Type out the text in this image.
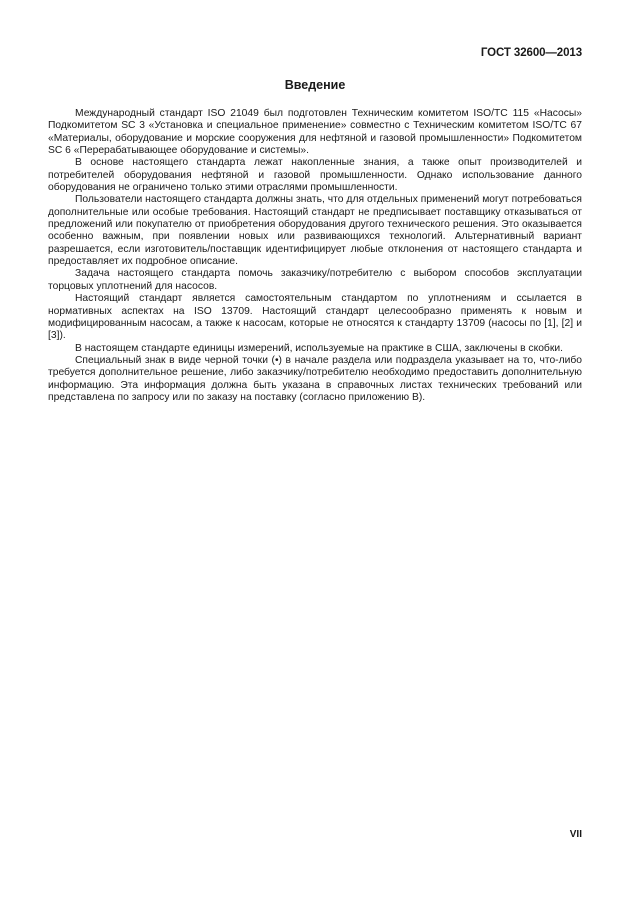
ГОСТ 32600—2013
Введение

Международный стандарт ISO 21049 был подготовлен Техническим комитетом ISO/TC 115 «Насосы» Подкомитетом SC 3 «Установка и специальное применение» совместно с Техническим комитетом ISO/TC 67 «Материалы, оборудование и морские сооружения для нефтяной и газовой промышленности» Подкомитетом SC 6 «Перерабатывающее оборудование и системы».

В основе настоящего стандарта лежат накопленные знания, а также опыт производителей и потребителей оборудования нефтяной и газовой промышленности. Однако использование данного оборудования не ограничено только этими отраслями промышленности.

Пользователи настоящего стандарта должны знать, что для отдельных применений могут потребоваться дополнительные или особые требования. Настоящий стандарт не предписывает поставщику отказываться от предложений или покупателю от приобретения оборудования другого технического решения. Это оказывается особенно важным, при появлении новых или развивающихся технологий. Альтернативный вариант разрешается, если изготовитель/поставщик идентифицирует любые отклонения от настоящего стандарта и предоставляет их подробное описание.

Задача настоящего стандарта помочь заказчику/потребителю с выбором способов эксплуатации торцовых уплотнений для насосов.

Настоящий стандарт является самостоятельным стандартом по уплотнениям и ссылается в нормативных аспектах на ISO 13709. Настоящий стандарт целесообразно применять к новым и модифицированным насосам, а также к насосам, которые не относятся к стандарту 13709 (насосы по [1], [2] и [3]).

В настоящем стандарте единицы измерений, используемые на практике в США, заключены в скобки.

Специальный знак в виде черной точки (•) в начале раздела или подраздела указывает на то, что-либо требуется дополнительное решение, либо заказчику/потребителю необходимо предоставить дополнительную информацию. Эта информация должна быть указана в справочных листах технических требований или представлена по запросу или по заказу на поставку (согласно приложению В).

VII
